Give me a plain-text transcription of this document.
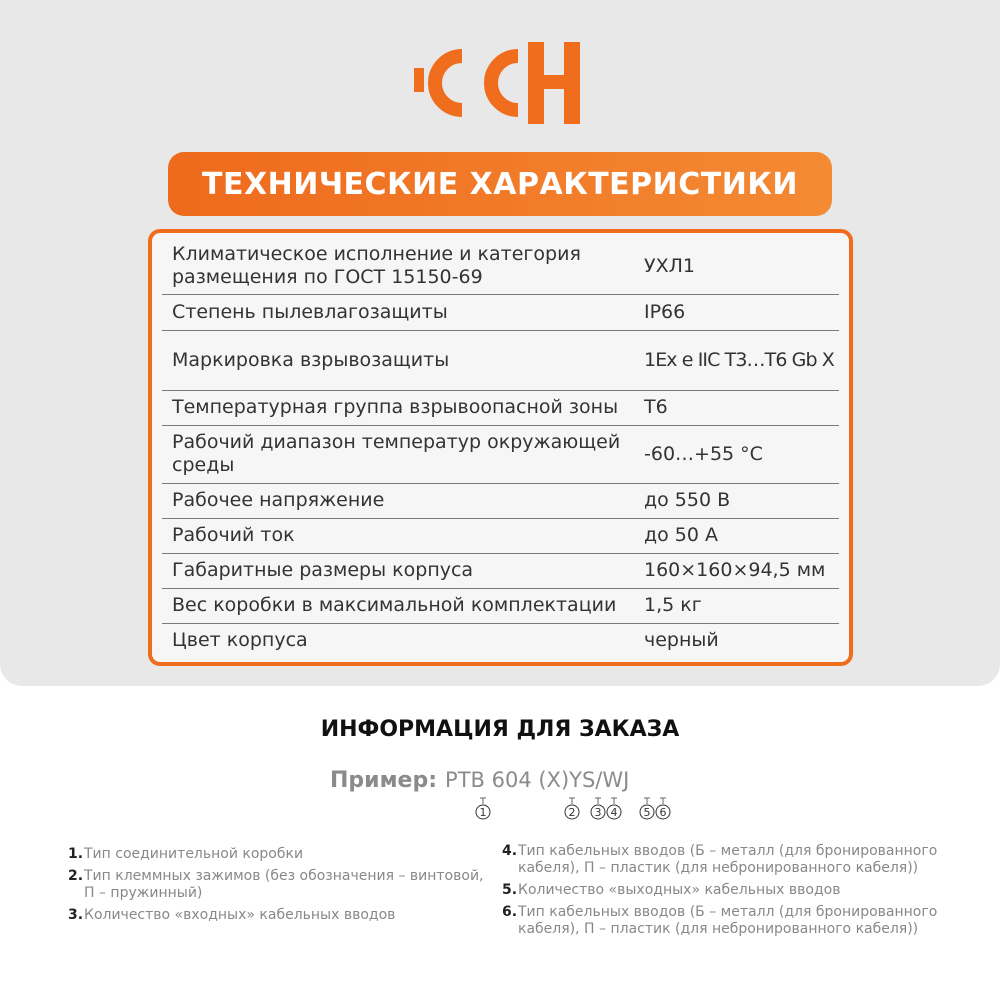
ТЕХНИЧЕСКИЕ ХАРАКТЕРИСТИКИ
Климатическое исполнение и категория размещения по ГОСТ 15150-69	УХЛ1
Степень пылевлагозащиты	IP66
Маркировка взрывозащиты	1Ex e IIC T3…T6 Gb X
Температурная группа взрывоопасной зоны	Т6
Рабочий диапазон температур окружающей среды	-60…+55 °C
Рабочее напряжение	до 550 В
Рабочий ток	до 50 А
Габаритные размеры корпуса	160×160×94,5 мм
Вес коробки в максимальной комплектации	1,5 кг
Цвет корпуса	черный
ИНФОРМАЦИЯ ДЛЯ ЗАКАЗА
Пример: РТВ 604 (X)YS/WJ
1	2 3 4 5 6
1. Тип соединительной коробки
2. Тип клеммных зажимов (без обозначения – винтовой, П – пружинный)
3. Количество «входных» кабельных вводов
4. Тип кабельных вводов (Б – металл (для бронированного кабеля), П – пластик (для небронированного кабеля))
5. Количество «выходных» кабельных вводов
6. Тип кабельных вводов (Б – металл (для бронированного кабеля), П – пластик (для небронированного кабеля))
